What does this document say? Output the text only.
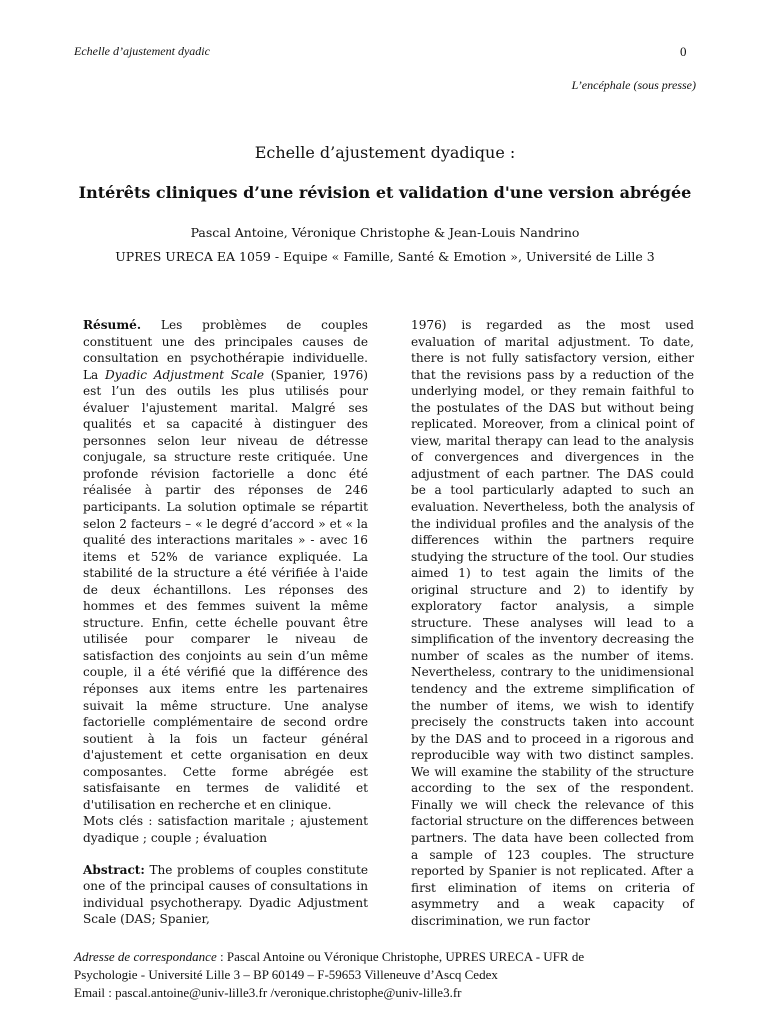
Echelle d’ajustement dyadic	0
L’encéphale (sous presse)
Echelle d’ajustement dyadique :
Intérêts cliniques d’une révision et validation d'une version abrégée
Pascal Antoine, Véronique Christophe & Jean-Louis Nandrino
UPRES URECA EA 1059 - Equipe « Famille, Santé & Emotion », Université de Lille 3

Résumé. Les problèmes de couples constituent une des principales causes de consultation en psychothérapie individuelle. La Dyadic Adjustment Scale (Spanier, 1976) est l’un des outils les plus utilisés pour évaluer l'ajustement marital. Malgré ses qualités et sa capacité à distinguer des personnes selon leur niveau de détresse conjugale, sa structure reste critiquée. Une profonde révision factorielle a donc été réalisée à partir des réponses de 246 participants. La solution optimale se répartit selon 2 facteurs – « le degré d’accord » et « la qualité des interactions maritales » - avec 16 items et 52% de variance expliquée. La stabilité de la structure a été vérifiée à l'aide de deux échantillons. Les réponses des hommes et des femmes suivent la même structure. Enfin, cette échelle pouvant être utilisée pour comparer le niveau de satisfaction des conjoints au sein d’un même couple, il a été vérifié que la différence des réponses aux items entre les partenaires suivait la même structure. Une analyse factorielle complémentaire de second ordre soutient à la fois un facteur général d'ajustement et cette organisation en deux composantes. Cette forme abrégée est satisfaisante en termes de validité et d'utilisation en recherche et en clinique.

Mots clés : satisfaction maritale ; ajustement dyadique ; couple ; évaluation

Abstract: The problems of couples constitute one of the principal causes of consultations in individual psychotherapy. Dyadic Adjustment Scale (DAS; Spanier,

1976) is regarded as the most used evaluation of marital adjustment. To date, there is not fully satisfactory version, either that the revisions pass by a reduction of the underlying model, or they remain faithful to the postulates of the DAS but without being replicated. Moreover, from a clinical point of view, marital therapy can lead to the analysis of convergences and divergences in the adjustment of each partner. The DAS could be a tool particularly adapted to such an evaluation. Nevertheless, both the analysis of the individual profiles and the analysis of the differences within the partners require studying the structure of the tool. Our studies aimed 1) to test again the limits of the original structure and 2) to identify by exploratory factor analysis, a simple structure. These analyses will lead to a simplification of the inventory decreasing the number of scales as the number of items. Nevertheless, contrary to the unidimensional tendency and the extreme simplification of the number of items, we wish to identify precisely the constructs taken into account by the DAS and to proceed in a rigorous and reproducible way with two distinct samples. We will examine the stability of the structure according to the sex of the respondent. Finally we will check the relevance of this factorial structure on the differences between partners. The data have been collected from a sample of 123 couples. The structure reported by Spanier is not replicated. After a first elimination of items on criteria of asymmetry and a weak capacity of discrimination, we run factor

Adresse de correspondance : Pascal Antoine ou Véronique Christophe, UPRES URECA - UFR de
Psychologie - Université Lille 3 – BP 60149 – F-59653 Villeneuve d’Ascq Cedex
Email : pascal.antoine@univ-lille3.fr /veronique.christophe@univ-lille3.fr
